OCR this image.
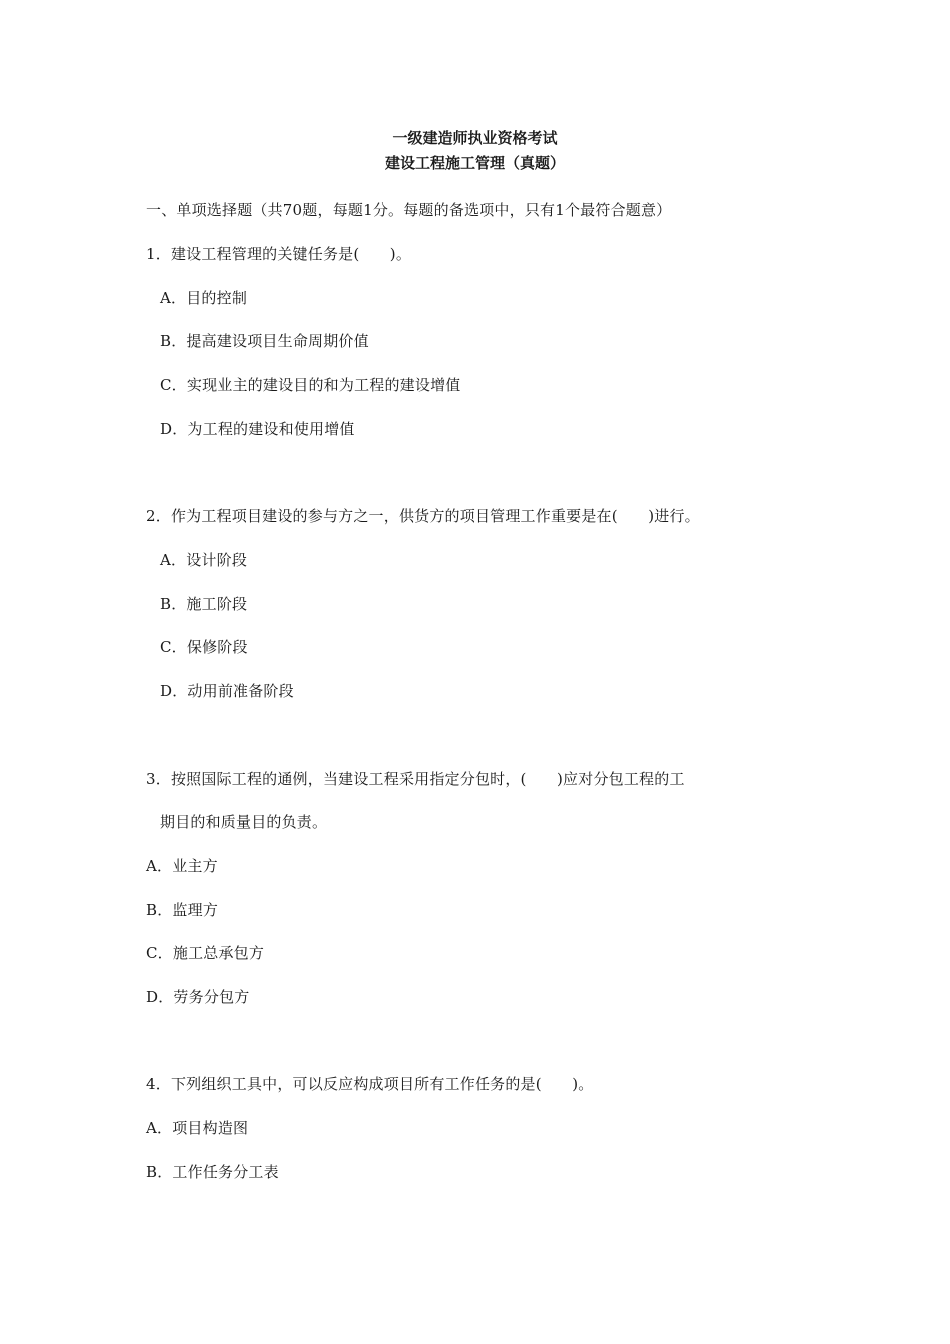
一级建造师执业资格考试
建设工程施工管理（真题）
一、单项选择题（共70题，每题1分。每题的备选项中，只有1个最符合题意）
1．建设工程管理的关键任务是(　　)。
A．目的控制
B．提高建设项目生命周期价值
C．实现业主的建设目的和为工程的建设增值
D．为工程的建设和使用增值
2．作为工程项目建设的参与方之一，供货方的项目管理工作重要是在(　　)进行。
A．设计阶段
B．施工阶段
C．保修阶段
D．动用前准备阶段
3．按照国际工程的通例，当建设工程采用指定分包时，(　　)应对分包工程的工
期目的和质量目的负责。
A．业主方
B．监理方
C．施工总承包方
D．劳务分包方
4．下列组织工具中，可以反应构成项目所有工作任务的是(　　)。
A．项目构造图
B．工作任务分工表
